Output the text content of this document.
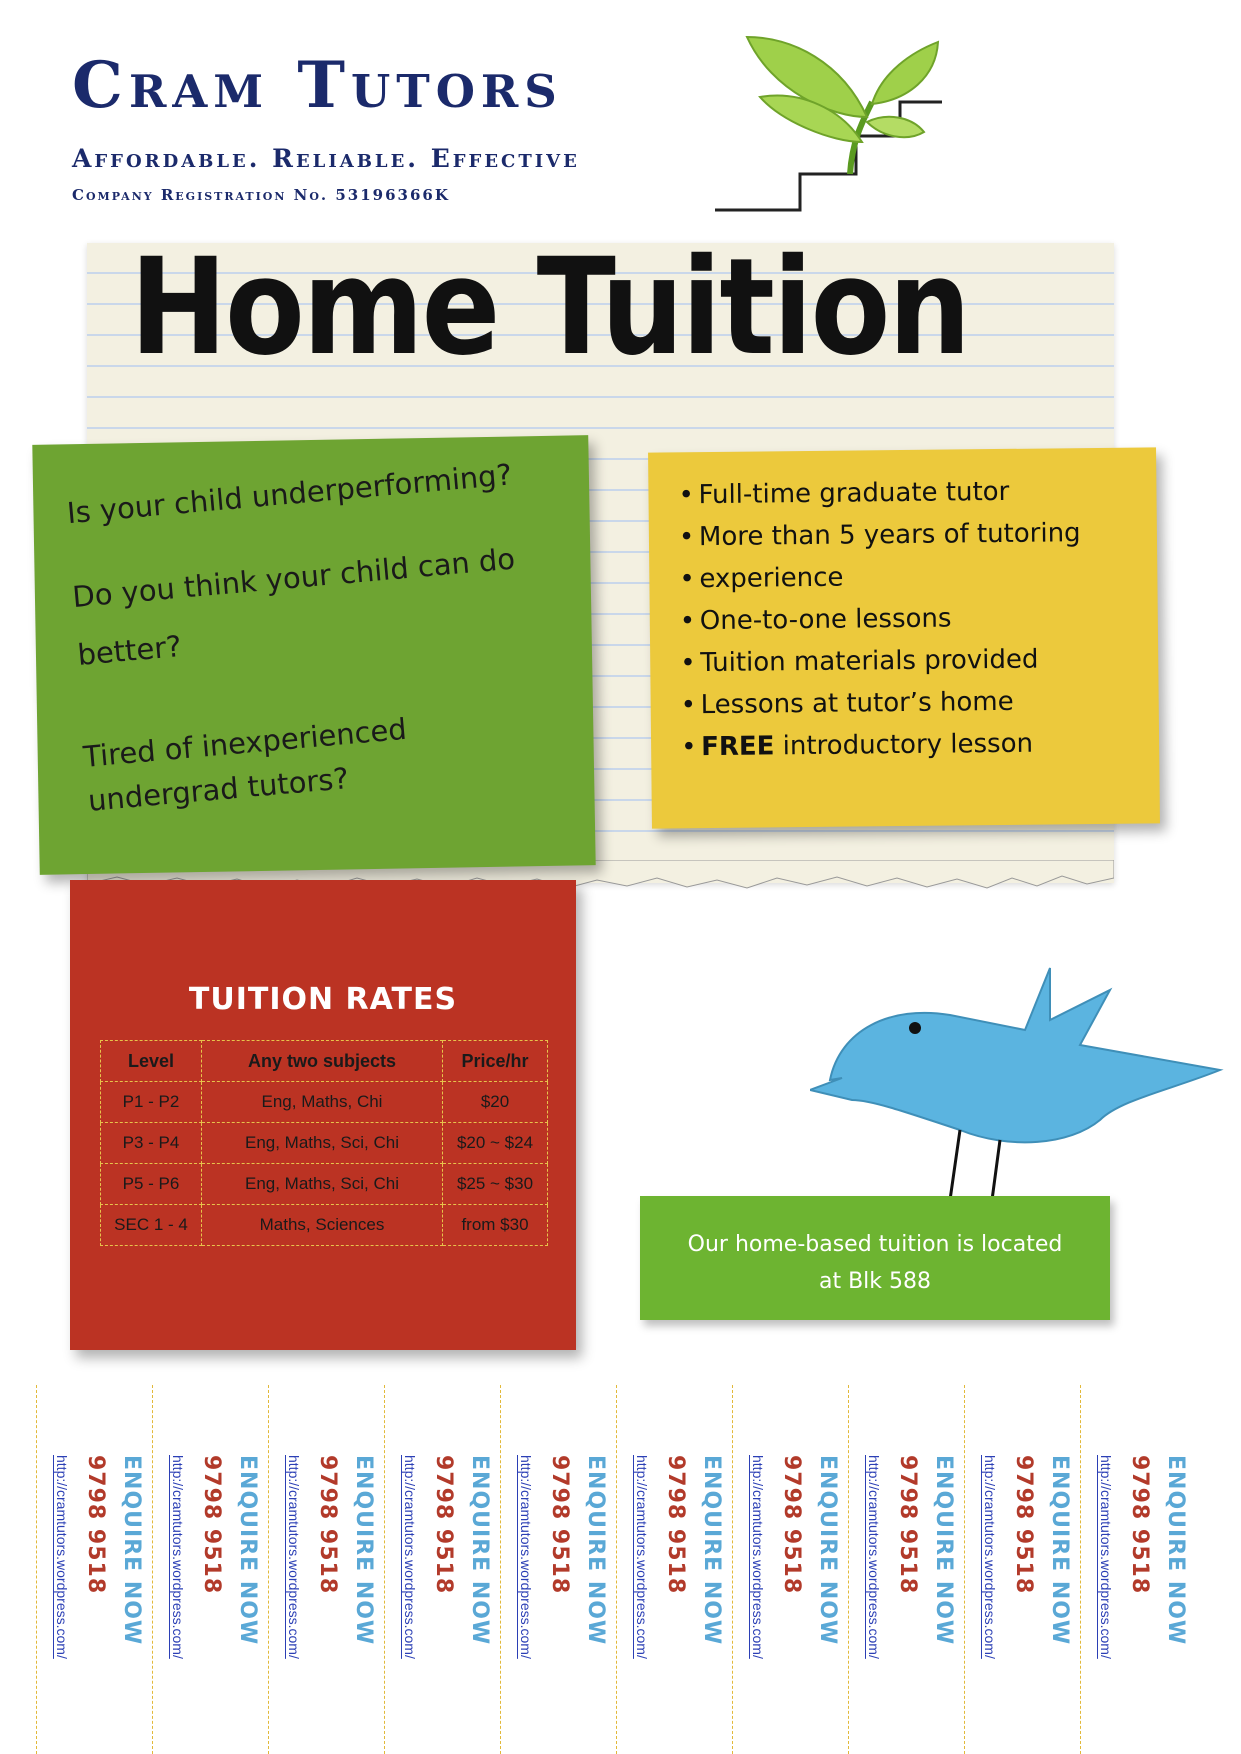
Cram Tutors
Affordable. Reliable. Effective
Company Registration No. 53196366K
Home Tuition
Is your child underperforming?
Do you think your child can do
better?
Tired of inexperienced
undergrad tutors?
• Full-time graduate tutor
• More than 5 years of tutoring
• experience
• One-to-one lessons
• Tuition materials provided
• Lessons at tutor’s home
• FREE introductory lesson
TUITION RATES
Level	Any two subjects	Price/hr
P1 - P2	Eng, Maths, Chi	$20
P3 - P4	Eng, Maths, Sci, Chi	$20 ~ $24
P5 - P6	Eng, Maths, Sci, Chi	$25 ~ $30
SEC 1 - 4	Maths, Sciences	from $30
Our home-based tuition is located
at Blk 588
ENQUIRE NOW
9798 9518
http://cramtutors.wordpress.com/	ENQUIRE NOW
9798 9518
http://cramtutors.wordpress.com/	ENQUIRE NOW
9798 9518
http://cramtutors.wordpress.com/	ENQUIRE NOW
9798 9518
http://cramtutors.wordpress.com/	ENQUIRE NOW
9798 9518
http://cramtutors.wordpress.com/	ENQUIRE NOW
9798 9518
http://cramtutors.wordpress.com/	ENQUIRE NOW
9798 9518
http://cramtutors.wordpress.com/	ENQUIRE NOW
9798 9518
http://cramtutors.wordpress.com/	ENQUIRE NOW
9798 9518
http://cramtutors.wordpress.com/	ENQUIRE NOW
9798 9518
http://cramtutors.wordpress.com/
